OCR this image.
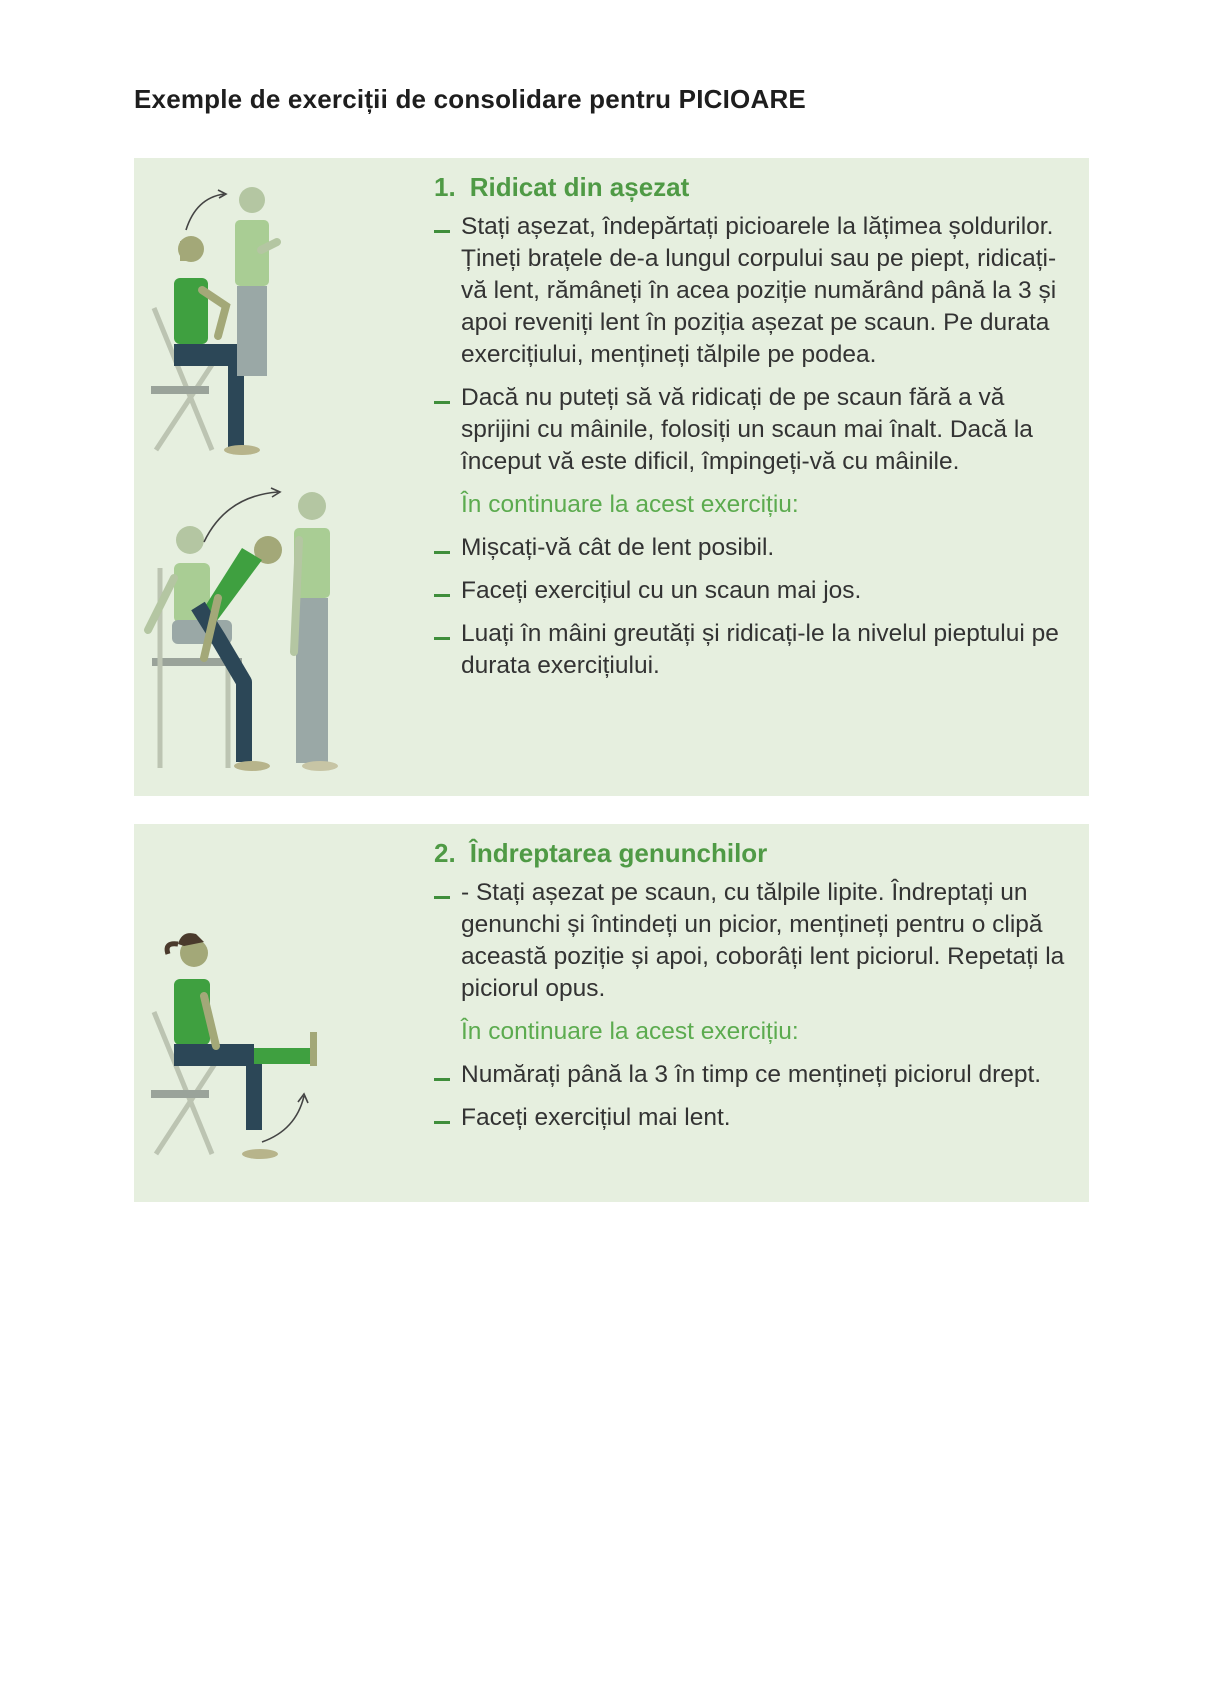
Exemple de exerciții de consolidare pentru PICIOARE
1. Ridicat din așezat
Stați așezat, îndepărtați picioarele la lățimea șoldurilor. Țineți brațele de-a lungul corpului sau pe piept, ridicați-vă lent, rămâneți în acea poziție numărând până la 3 și apoi reveniți lent în poziția așezat pe scaun. Pe durata exercițiului, mențineți tălpile pe podea.
Dacă nu puteți să vă ridicați de pe scaun fără a vă sprijini cu mâinile, folosiți un scaun mai înalt. Dacă la început vă este dificil, împingeți-vă cu mâinile.

În continuare la acest exercițiu:

Mișcați-vă cât de lent posibil.
Faceți exercițiul cu un scaun mai jos.
Luați în mâini greutăți și ridicați-le la nivelul pieptului pe durata exercițiului.
2. Îndreptarea genunchilor
- Stați așezat pe scaun, cu tălpile lipite. Îndreptați un genunchi și întindeți un picior, mențineți pentru o clipă această poziție și apoi, coborâți lent piciorul. Repetați la piciorul opus.

În continuare la acest exercițiu:

Numărați până la 3 în timp ce mențineți piciorul drept.
Faceți exercițiul mai lent.
